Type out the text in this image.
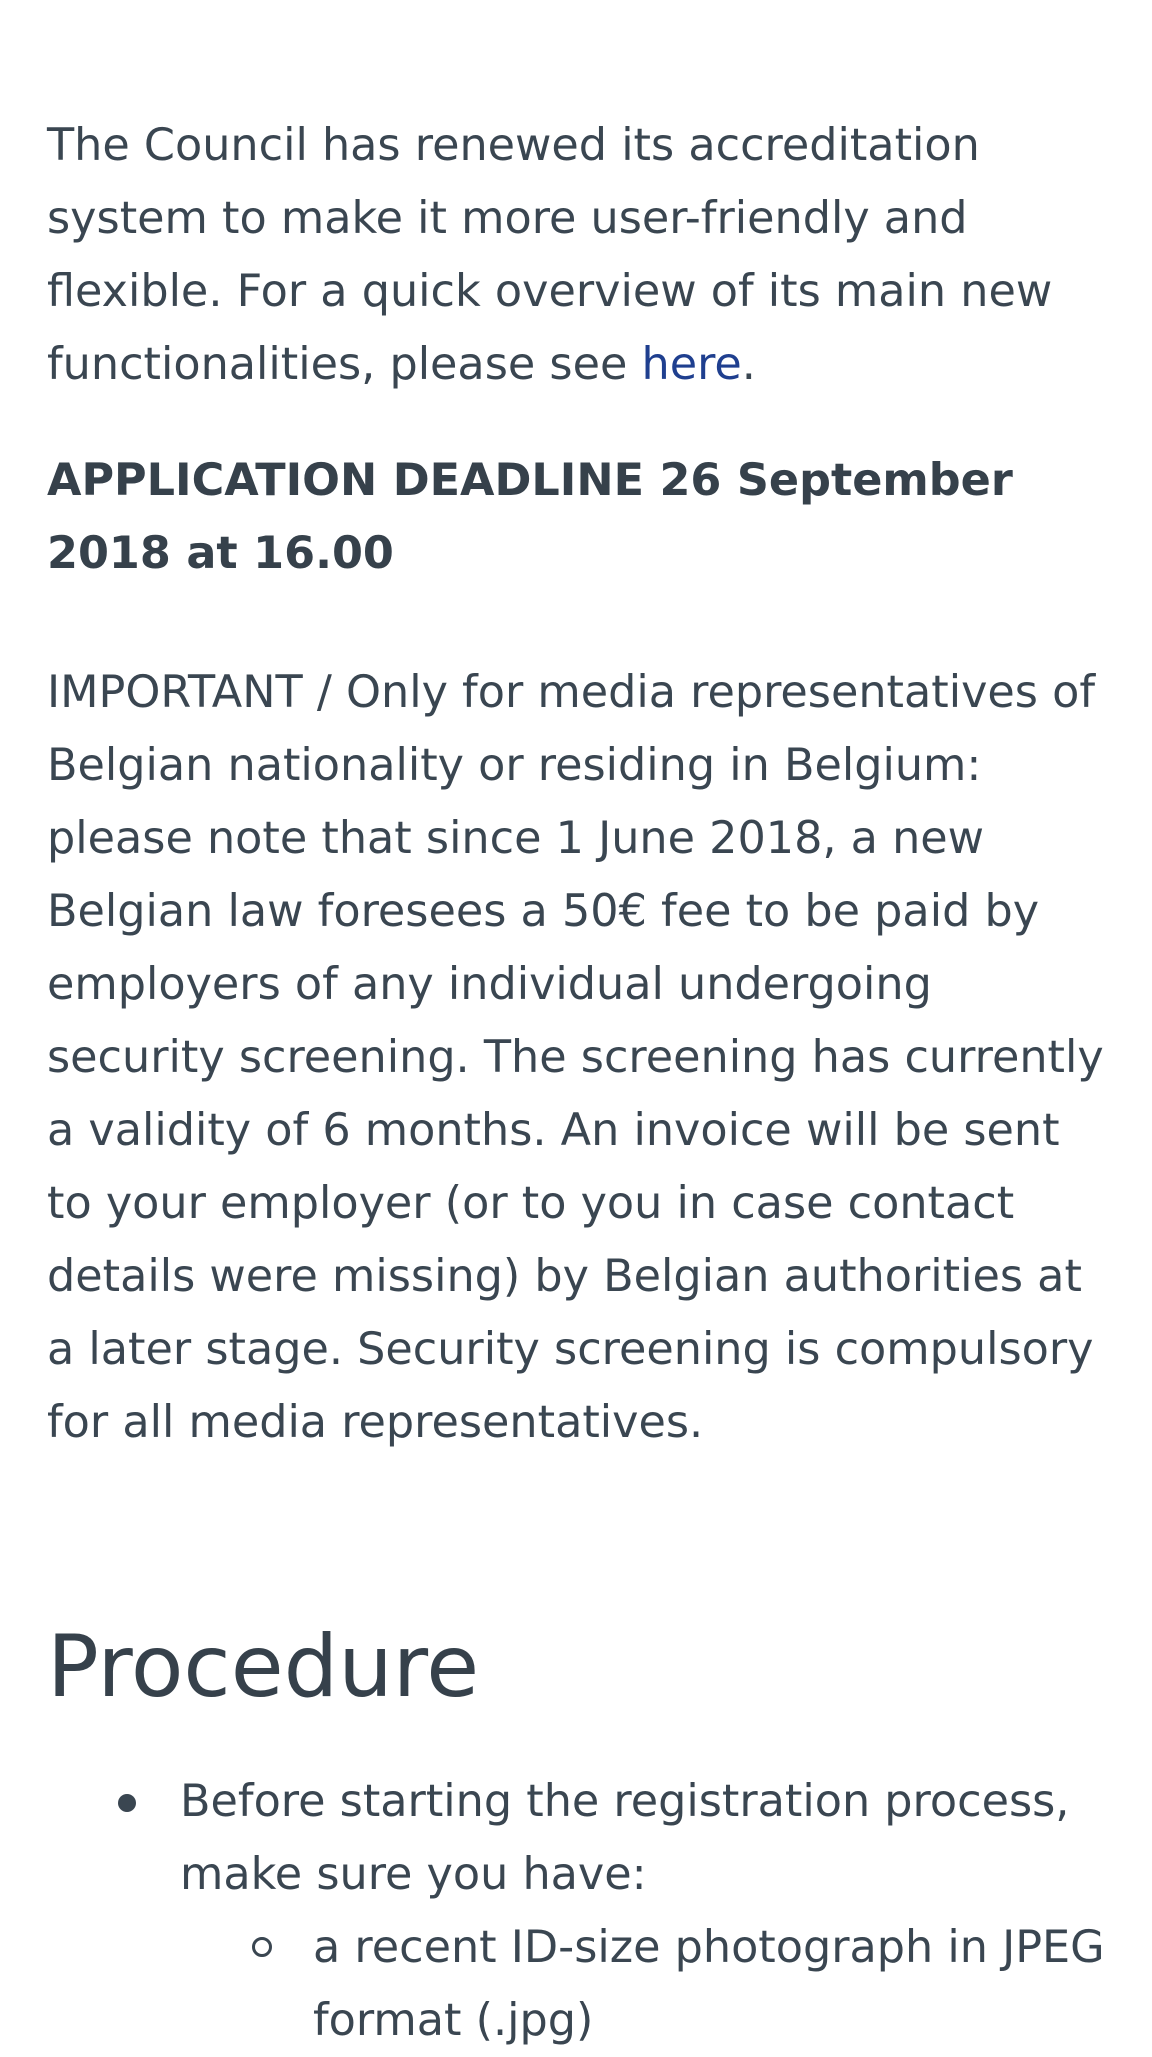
The Council has renewed its accreditation system to make it more user-friendly and flexible. For a quick overview of its main new functionalities, please see here.

APPLICATION DEADLINE 26 September 2018 at 16.00

IMPORTANT / Only for media representatives of Belgian nationality or residing in Belgium: please note that since 1 June 2018, a new Belgian law foresees a 50€ fee to be paid by employers of any individual undergoing security screening. The screening has currently a validity of 6 months. An invoice will be sent to your employer (or to you in case contact details were missing) by Belgian authorities at a later stage. Security screening is compulsory for all media representatives.

Procedure
Before starting the registration process, make sure you have:
a recent ID-size photograph in JPEG format (.jpg)
